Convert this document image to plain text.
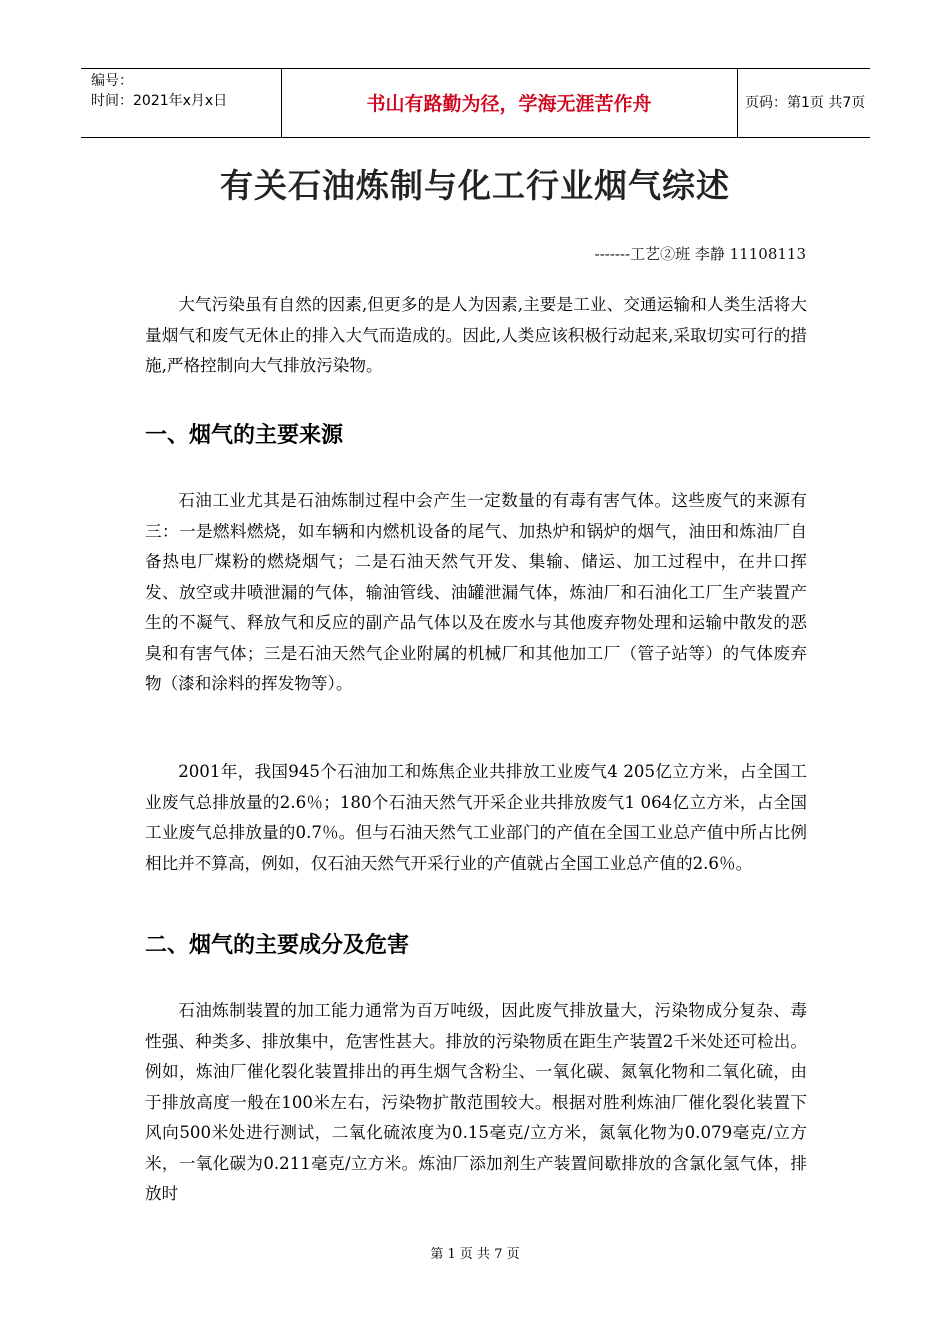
编号：
时间：2021年x月x日	书山有路勤为径，学海无涯苦作舟	页码：第1页 共7页
有关石油炼制与化工行业烟气综述
-------工艺②班 李静 11108113

大气污染虽有自然的因素,但更多的是人为因素,主要是工业、交通运输和人类生活将大量烟气和废气无休止的排入大气而造成的。因此,人类应该积极行动起来,采取切实可行的措施,严格控制向大气排放污染物。

一、烟气的主要来源

石油工业尤其是石油炼制过程中会产生一定数量的有毒有害气体。这些废气的来源有三：一是燃料燃烧，如车辆和内燃机设备的尾气、加热炉和锅炉的烟气，油田和炼油厂自备热电厂煤粉的燃烧烟气；二是石油天然气开发、集输、储运、加工过程中，在井口挥发、放空或井喷泄漏的气体，输油管线、油罐泄漏气体，炼油厂和石油化工厂生产装置产生的不凝气、释放气和反应的副产品气体以及在废水与其他废弃物处理和运输中散发的恶臭和有害气体；三是石油天然气企业附属的机械厂和其他加工厂（管子站等）的气体废弃物（漆和涂料的挥发物等）。

2001年，我国945个石油加工和炼焦企业共排放工业废气4 205亿立方米，占全国工业废气总排放量的2.6％；180个石油天然气开采企业共排放废气1 064亿立方米，占全国工业废气总排放量的0.7％。但与石油天然气工业部门的产值在全国工业总产值中所占比例相比并不算高，例如，仅石油天然气开采行业的产值就占全国工业总产值的2.6％。

二、烟气的主要成分及危害

石油炼制装置的加工能力通常为百万吨级，因此废气排放量大，污染物成分复杂、毒性强、种类多、排放集中，危害性甚大。排放的污染物质在距生产装置2千米处还可检出。例如，炼油厂催化裂化装置排出的再生烟气含粉尘、一氧化碳、氮氧化物和二氧化硫，由于排放高度一般在100米左右，污染物扩散范围较大。根据对胜利炼油厂催化裂化装置下风向500米处进行测试，二氧化硫浓度为0.15毫克/立方米，氮氧化物为0.079毫克/立方米，一氧化碳为0.211毫克/立方米。炼油厂添加剂生产装置间歇排放的含氯化氢气体，排放时

第 1 页 共 7 页
